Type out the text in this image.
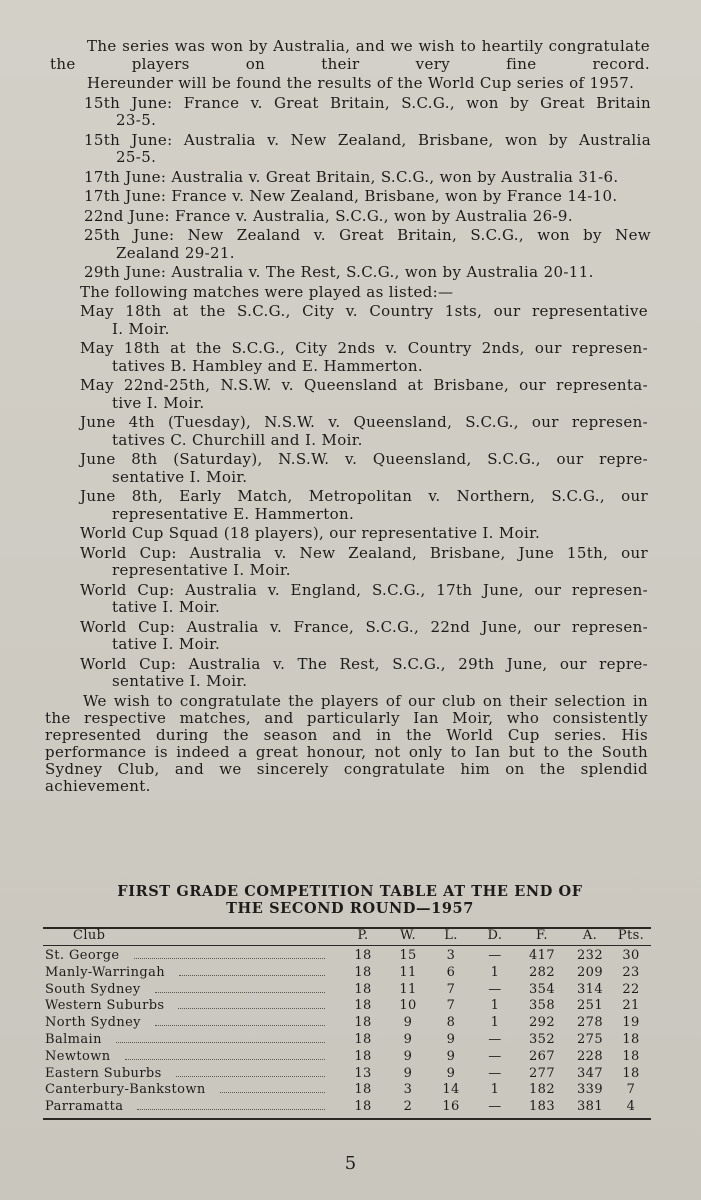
The series was won by Australia, and we wish to heartily congratulate the players on their very fine record.

Hereunder will be found the results of the World Cup series of 1957.

15th June: France v. Great Britain, S.C.G., won by Great Britain
23-5.

15th June: Australia v. New Zealand, Brisbane, won by Australia
25-5.

17th June: Australia v. Great Britain, S.C.G., won by Australia 31-6.

17th June: France v. New Zealand, Brisbane, won by France 14-10.

22nd June: France v. Australia, S.C.G., won by Australia 26-9.

25th June: New Zealand v. Great Britain, S.C.G., won by New
Zealand 29-21.

29th June: Australia v. The Rest, S.C.G., won by Australia 20-11.

The following matches were played as listed:—

May 18th at the S.C.G., City v. Country 1sts, our representative
I. Moir.

May 18th at the S.C.G., City 2nds v. Country 2nds, our represen-
tatives B. Hambley and E. Hammerton.

May 22nd-25th, N.S.W. v. Queensland at Brisbane, our representa-
tive I. Moir.

June 4th (Tuesday), N.S.W. v. Queensland, S.C.G., our represen-
tatives C. Churchill and I. Moir.

June 8th (Saturday), N.S.W. v. Queensland, S.C.G., our repre-
sentative I. Moir.

June 8th, Early Match, Metropolitan v. Northern, S.C.G., our
representative E. Hammerton.

World Cup Squad (18 players), our representative I. Moir.

World Cup: Australia v. New Zealand, Brisbane, June 15th, our
representative I. Moir.

World Cup: Australia v. England, S.C.G., 17th June, our represen-
tative I. Moir.

World Cup: Australia v. France, S.C.G., 22nd June, our represen-
tative I. Moir.

World Cup: Australia v. The Rest, S.C.G., 29th June, our repre-
sentative I. Moir.

We wish to congratulate the players of our club on their selection in the respective matches, and particularly Ian Moir, who consistently represented during the season and in the World Cup series. His performance is indeed a great honour, not only to Ian but to the South Sydney Club, and we sincerely congratulate him on the splendid achievement.

FIRST GRADE COMPETITION TABLE AT THE END OF
THE SECOND ROUND—1957
Club	P.	W.	L.	D.	F.	A.	Pts.
St. George	18	15	3	—	417	232	30
Manly-Warringah	18	11	6	1	282	209	23
South Sydney	18	11	7	—	354	314	22
Western Suburbs	18	10	7	1	358	251	21
North Sydney	18	9	8	1	292	278	19
Balmain	18	9	9	—	352	275	18
Newtown	18	9	9	—	267	228	18
Eastern Suburbs	13	9	9	—	277	347	18
Canterbury-Bankstown	18	3	14	1	182	339	7
Parramatta	18	2	16	—	183	381	4
5
